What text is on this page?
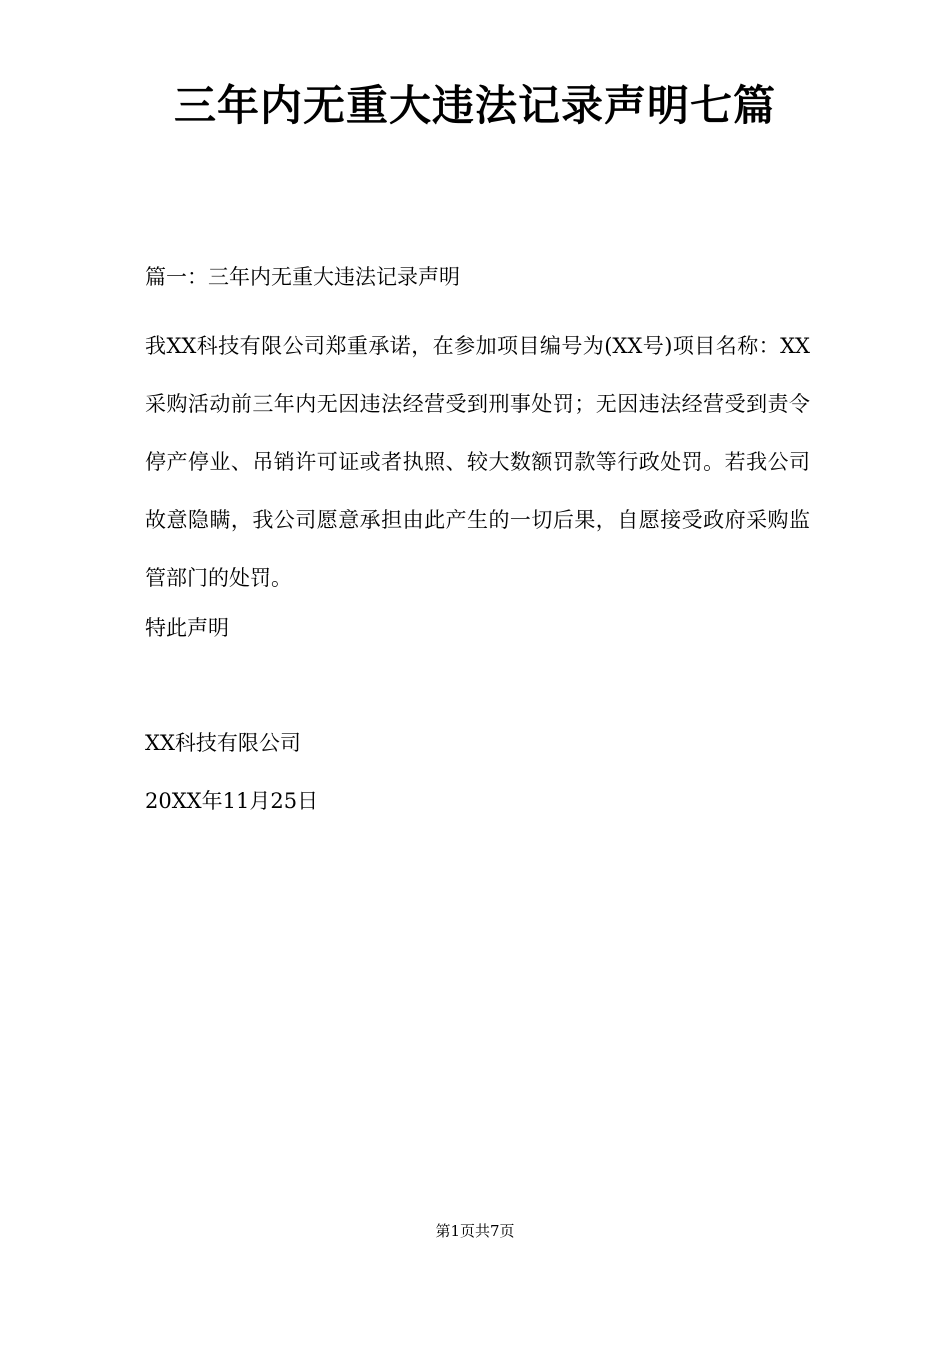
三年内无重大违法记录声明七篇

篇一：三年内无重大违法记录声明

我XX科技有限公司郑重承诺，在参加项目编号为(XX号)项目名称：XX采购活动前三年内无因违法经营受到刑事处罚；无因违法经营受到责令停产停业、吊销许可证或者执照、较大数额罚款等行政处罚。若我公司故意隐瞒，我公司愿意承担由此产生的一切后果，自愿接受政府采购监管部门的处罚。

特此声明

XX科技有限公司

20XX年11月25日

第1页共7页
